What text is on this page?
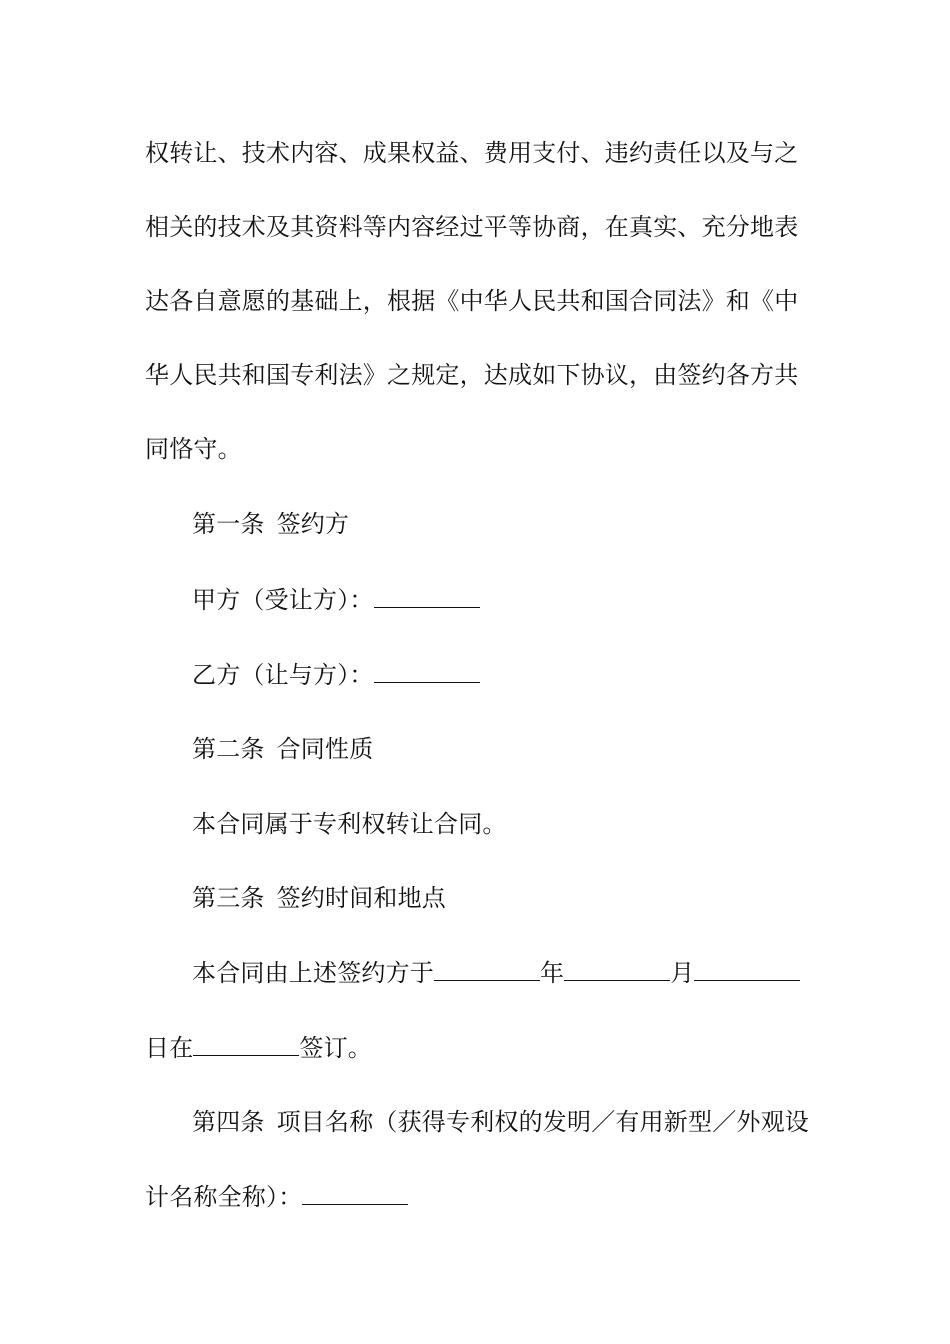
权转让、技术内容、成果权益、费用支付、违约责任以及与之
相关的技术及其资料等内容经过平等协商，在真实、充分地表
达各自意愿的基础上，根据《中华人民共和国合同法》和《中
华人民共和国专利法》之规定，达成如下协议，由签约各方共
同恪守。
第一条 签约方
甲方（受让方）：
乙方（让与方）：
第二条 合同性质
本合同属于专利权转让合同。
第三条 签约时间和地点
本合同由上述签约方于	年	月
日在	签订。
第四条 项目名称（获得专利权的发明／有用新型／外观设
计名称全称）：
